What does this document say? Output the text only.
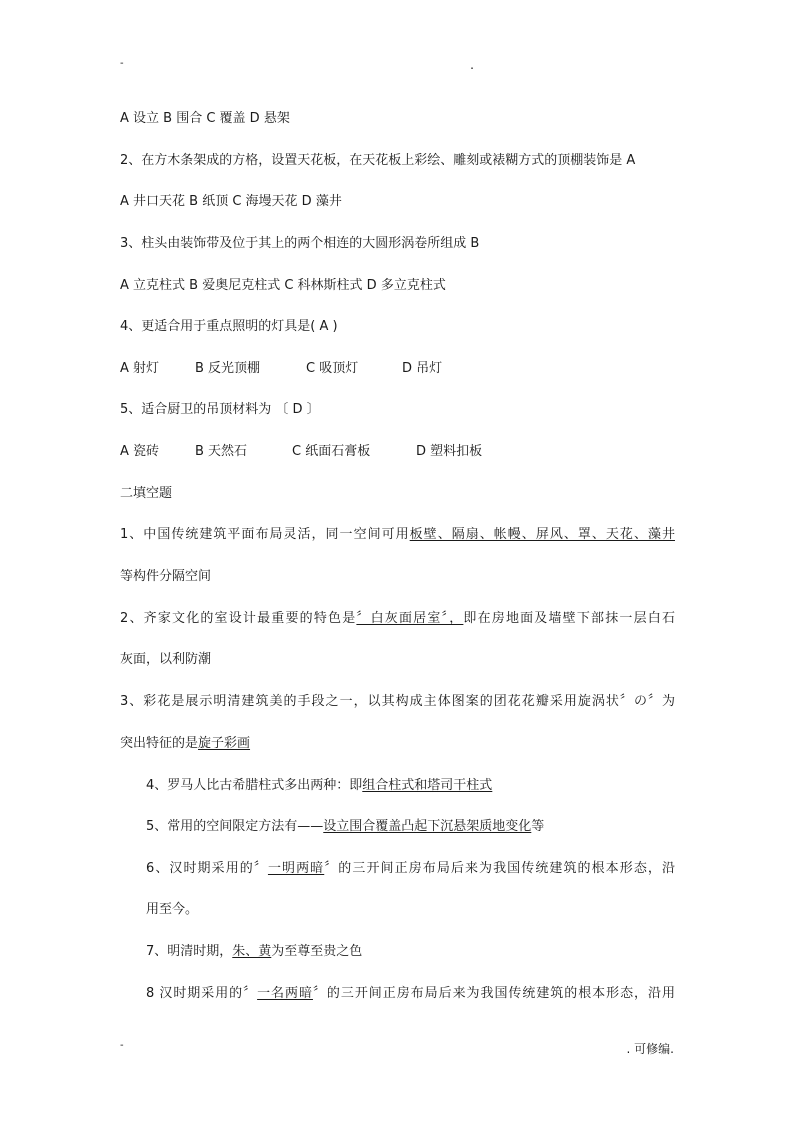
-	.
A 设立 B 围合 C 覆盖 D 悬架
2、在方木条架成的方格，设置天花板，在天花板上彩绘、雕刻或裱糊方式的顶棚装饰是 A
A 井口天花 B 纸顶 C 海墁天花 D 藻井
3、柱头由装饰带及位于其上的两个相连的大圆形涡卷所组成 B
A 立克柱式 B 爱奥尼克柱式 C 科林斯柱式 D 多立克柱式
4、更适合用于重点照明的灯具是( A )
A 射灯	B 反光顶棚	C 吸顶灯	D 吊灯
5、适合厨卫的吊顶材料为 〔 D 〕
A 瓷砖	B 天然石	C 纸面石膏板	D 塑料扣板
二填空题
1、中国传统建筑平面布局灵活，同一空间可用板壁、隔扇、帐幔、屏风、罩、天花、藻井
等构件分隔空间
2、齐家文化的室设计最重要的特色是〞白灰面居室〞，即在房地面及墙壁下部抹一层白石
灰面，以利防潮
3、彩花是展示明清建筑美的手段之一，以其构成主体图案的团花花瓣采用旋涡状〞の〞为
突出特征的是旋子彩画
4、罗马人比古希腊柱式多出两种：即组合柱式和塔司干柱式
5、常用的空间限定方法有——设立围合覆盖凸起下沉悬架质地变化等
6、汉时期采用的〞一明两暗〞的三开间正房布局后来为我国传统建筑的根本形态，沿
用至今。
7、明清时期，朱、黄为至尊至贵之色
8 汉时期采用的〞一名两暗〞的三开间正房布局后来为我国传统建筑的根本形态，沿用
-	. 可修编.
